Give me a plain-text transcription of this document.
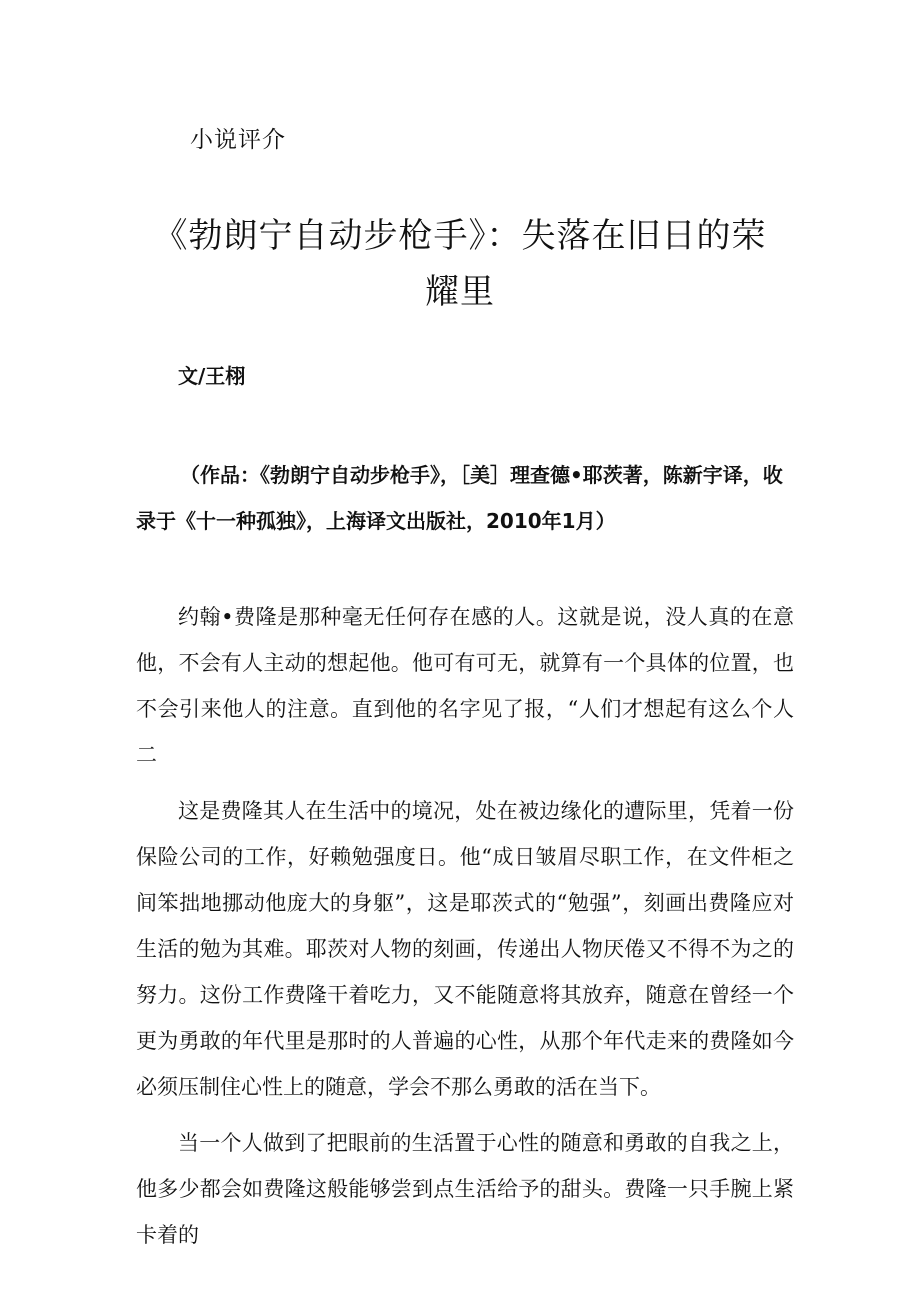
小说评介
《勃朗宁自动步枪手》：失落在旧日的荣耀里
文/王栩
（作品：《勃朗宁自动步枪手》，［美］理查德•耶茨著，陈新宇译，收录于《十一种孤独》，上海译文出版社，2010年1月）

约翰•费隆是那种毫无任何存在感的人。这就是说，没人真的在意他，不会有人主动的想起他。他可有可无，就算有一个具体的位置，也不会引来他人的注意。直到他的名字见了报，“人们才想起有这么个人二

这是费隆其人在生活中的境况，处在被边缘化的遭际里，凭着一份保险公司的工作，好赖勉强度日。他“成日皱眉尽职工作，在文件柜之间笨拙地挪动他庞大的身躯”，这是耶茨式的“勉强”，刻画出费隆应对生活的勉为其难。耶茨对人物的刻画，传递出人物厌倦又不得不为之的努力。这份工作费隆干着吃力，又不能随意将其放弃，随意在曾经一个更为勇敢的年代里是那时的人普遍的心性，从那个年代走来的费隆如今必须压制住心性上的随意，学会不那么勇敢的活在当下。

当一个人做到了把眼前的生活置于心性的随意和勇敢的自我之上，他多少都会如费隆这般能够尝到点生活给予的甜头。费隆一只手腕上紧卡着的
